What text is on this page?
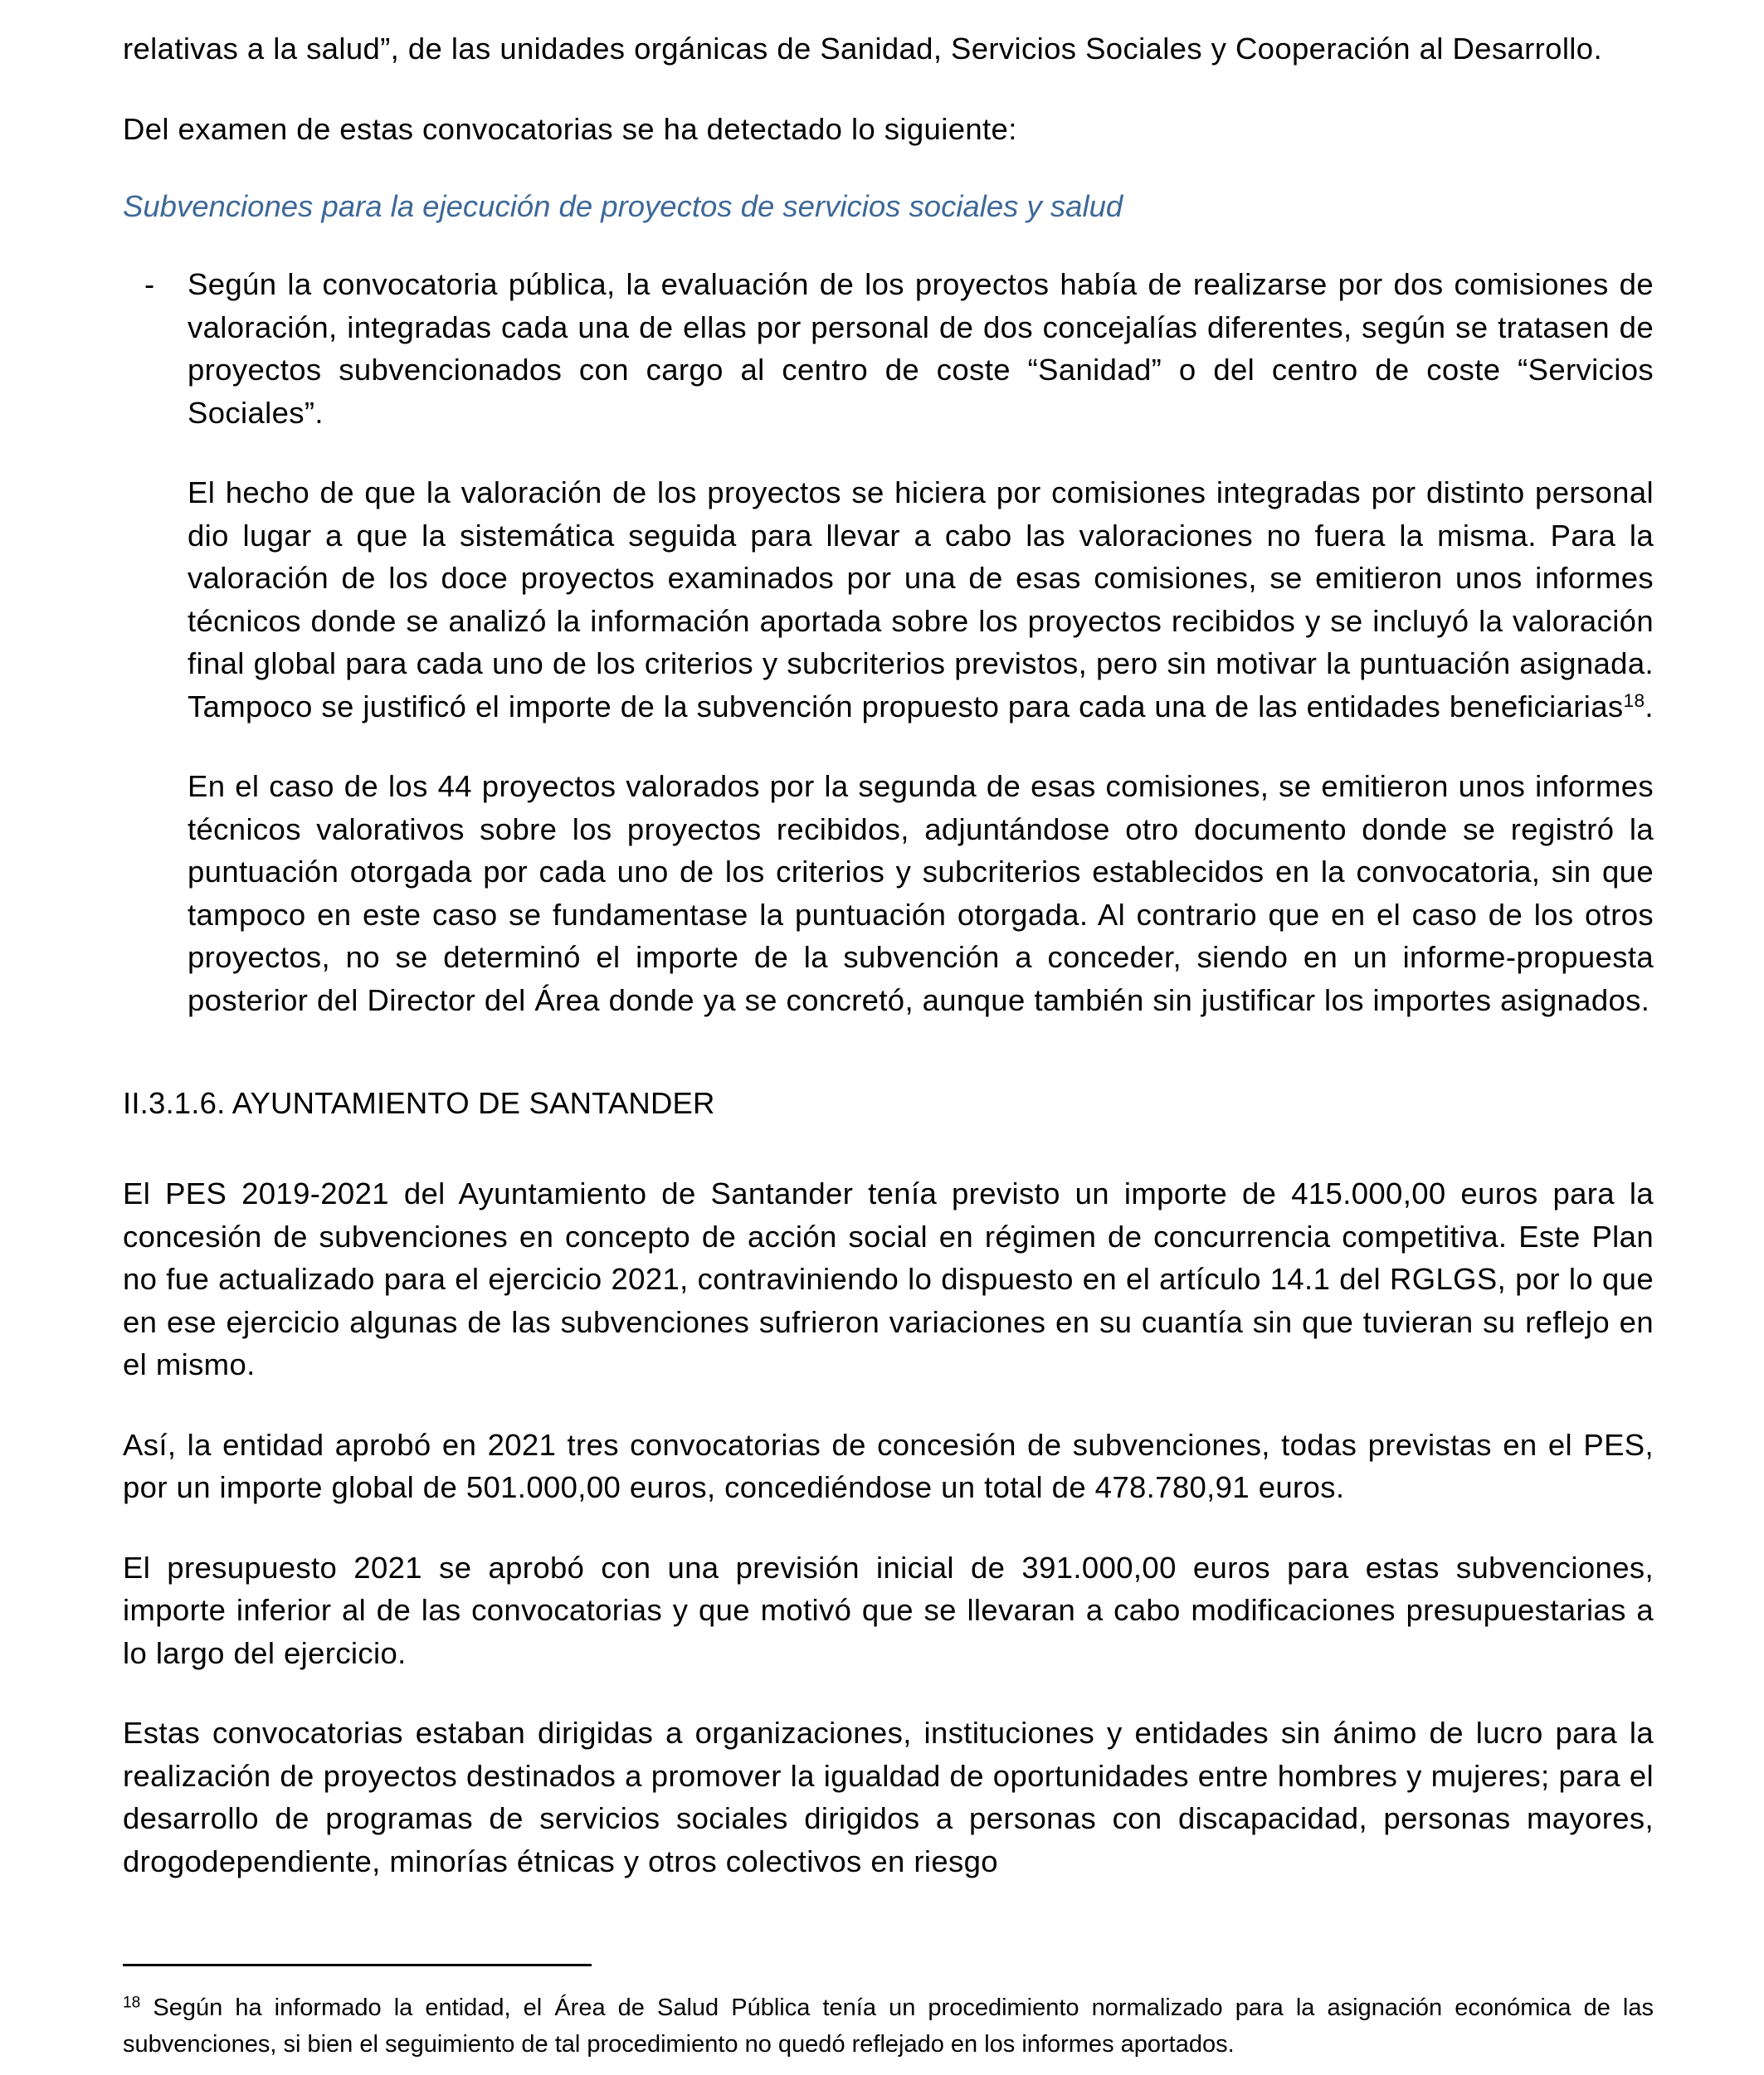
relativas a la salud”, de las unidades orgánicas de Sanidad, Servicios Sociales y Cooperación al Desarrollo.

Del examen de estas convocatorias se ha detectado lo siguiente:

Subvenciones para la ejecución de proyectos de servicios sociales y salud
-	Según la convocatoria pública, la evaluación de los proyectos había de realizarse por dos comisiones de valoración, integradas cada una de ellas por personal de dos concejalías diferentes, según se tratasen de proyectos subvencionados con cargo al centro de coste “Sanidad” o del centro de coste “Servicios Sociales”.

El hecho de que la valoración de los proyectos se hiciera por comisiones integradas por distinto personal dio lugar a que la sistemática seguida para llevar a cabo las valoraciones no fuera la misma. Para la valoración de los doce proyectos examinados por una de esas comisiones, se emitieron unos informes técnicos donde se analizó la información aportada sobre los proyectos recibidos y se incluyó la valoración final global para cada uno de los criterios y subcriterios previstos, pero sin motivar la puntuación asignada. Tampoco se justificó el importe de la subvención propuesto para cada una de las entidades beneficiarias$^{18}$.

En el caso de los 44 proyectos valorados por la segunda de esas comisiones, se emitieron unos informes técnicos valorativos sobre los proyectos recibidos, adjuntándose otro documento donde se registró la puntuación otorgada por cada uno de los criterios y subcriterios establecidos en la convocatoria, sin que tampoco en este caso se fundamentase la puntuación otorgada. Al contrario que en el caso de los otros proyectos, no se determinó el importe de la subvención a conceder, siendo en un informe-propuesta posterior del Director del Área donde ya se concretó, aunque también sin justificar los importes asignados.

II.3.1.6. AYUNTAMIENTO DE SANTANDER

El PES 2019-2021 del Ayuntamiento de Santander tenía previsto un importe de 415.000,00 euros para la concesión de subvenciones en concepto de acción social en régimen de concurrencia competitiva. Este Plan no fue actualizado para el ejercicio 2021, contraviniendo lo dispuesto en el artículo 14.1 del RGLGS, por lo que en ese ejercicio algunas de las subvenciones sufrieron variaciones en su cuantía sin que tuvieran su reflejo en el mismo.

Así, la entidad aprobó en 2021 tres convocatorias de concesión de subvenciones, todas previstas en el PES, por un importe global de 501.000,00 euros, concediéndose un total de 478.780,91 euros.

El presupuesto 2021 se aprobó con una previsión inicial de 391.000,00 euros para estas subvenciones, importe inferior al de las convocatorias y que motivó que se llevaran a cabo modificaciones presupuestarias a lo largo del ejercicio.

Estas convocatorias estaban dirigidas a organizaciones, instituciones y entidades sin ánimo de lucro para la realización de proyectos destinados a promover la igualdad de oportunidades entre hombres y mujeres; para el desarrollo de programas de servicios sociales dirigidos a personas con discapacidad, personas mayores, drogodependiente, minorías étnicas y otros colectivos en riesgo

$^{18}$ Según ha informado la entidad, el Área de Salud Pública tenía un procedimiento normalizado para la asignación económica de las subvenciones, si bien el seguimiento de tal procedimiento no quedó reflejado en los informes aportados.
